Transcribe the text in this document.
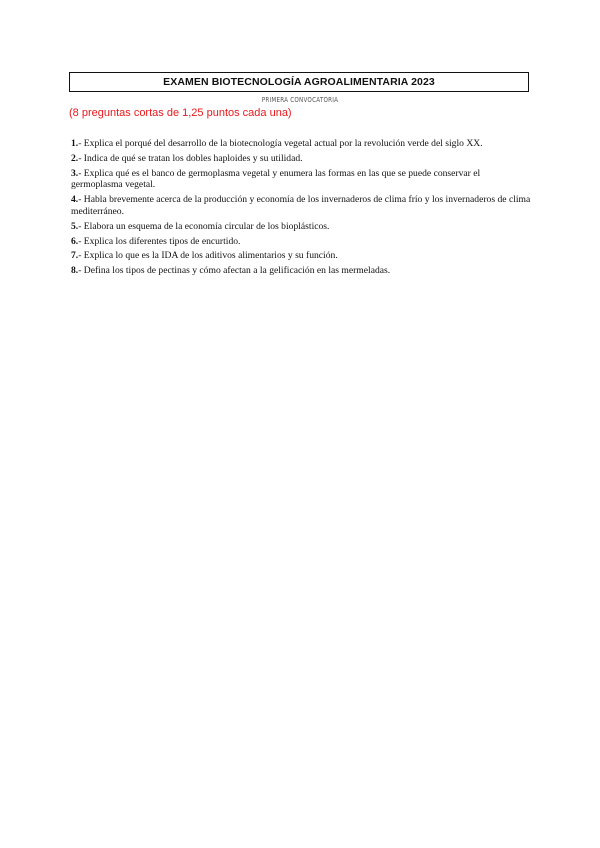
EXAMEN BIOTECNOLOGÍA AGROALIMENTARIA 2023
PRIMERA CONVOCATORIA
(8 preguntas cortas de 1,25 puntos cada una)
1.- Explica el porqué del desarrollo de la biotecnología vegetal actual por la revolución verde del siglo XX.
2.- Indica de qué se tratan los dobles haploides y su utilidad.
3.- Explica qué es el banco de germoplasma vegetal y enumera las formas en las que se puede conservar el germoplasma vegetal.
4.- Habla brevemente acerca de la producción y economía de los invernaderos de clima frío y los invernaderos de clima mediterráneo.
5.- Elabora un esquema de la economía circular de los bioplásticos.
6.- Explica los diferentes tipos de encurtido.
7.- Explica lo que es la IDA de los aditivos alimentarios y su función.
8.- Defina los tipos de pectinas y cómo afectan a la gelificación en las mermeladas.
